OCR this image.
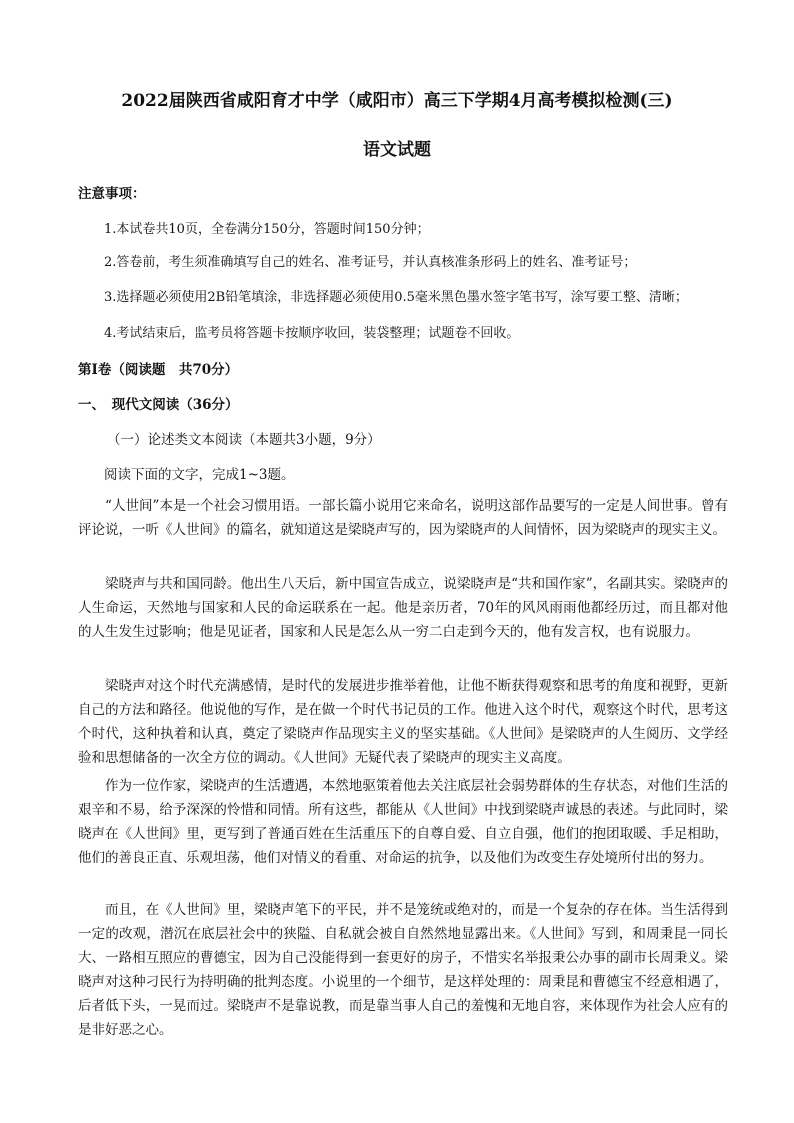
2022届陕西省咸阳育才中学（咸阳市）高三下学期4月高考模拟检测(三)
语文试题
注意事项：
1.本试卷共10页，全卷满分150分，答题时间150分钟；
2.答卷前，考生须准确填写自己的姓名、准考证号，并认真核准条形码上的姓名、准考证号；
3.选择题必须使用2B铅笔填涂，非选择题必须使用0.5毫米黑色墨水签字笔书写，涂写要工整、清晰；
4.考试结束后，监考员将答题卡按顺序收回，装袋整理；试题卷不回收。
第Ⅰ卷（阅读题　共70分）
一、　现代文阅读（36分）
（一）论述类文本阅读（本题共3小题，9分）
阅读下面的文字，完成1~3题。
“人世间”本是一个社会习惯用语。一部长篇小说用它来命名，说明这部作品要写的一定是人间世事。曾有评论说，一听《人世间》的篇名，就知道这是梁晓声写的，因为梁晓声的人间情怀，因为梁晓声的现实主义。
梁晓声与共和国同龄。他出生八天后，新中国宣告成立，说梁晓声是“共和国作家”，名副其实。梁晓声的人生命运，天然地与国家和人民的命运联系在一起。他是亲历者，70年的风风雨雨他都经历过，而且都对他的人生发生过影响；他是见证者，国家和人民是怎么从一穷二白走到今天的，他有发言权，也有说服力。
梁晓声对这个时代充满感情，是时代的发展进步推举着他，让他不断获得观察和思考的角度和视野，更新自己的方法和路径。他说他的写作，是在做一个时代书记员的工作。他进入这个时代，观察这个时代，思考这个时代，这种执着和认真，奠定了梁晓声作品现实主义的坚实基础。《人世间》是梁晓声的人生阅历、文学经验和思想储备的一次全方位的调动。《人世间》无疑代表了梁晓声的现实主义高度。
作为一位作家，梁晓声的生活遭遇，本然地驱策着他去关注底层社会弱势群体的生存状态，对他们生活的艰辛和不易，给予深深的怜惜和同情。所有这些，都能从《人世间》中找到梁晓声诚恳的表述。与此同时，梁晓声在《人世间》里，更写到了普通百姓在生活重压下的自尊自爱、自立自强，他们的抱团取暖、手足相助，他们的善良正直、乐观坦荡，他们对情义的看重、对命运的抗争，以及他们为改变生存处境所付出的努力。
而且，在《人世间》里，梁晓声笔下的平民，并不是笼统或绝对的，而是一个复杂的存在体。当生活得到一定的改观，潜沉在底层社会中的狭隘、自私就会被自自然然地显露出来。《人世间》写到，和周秉昆一同长大、一路相互照应的曹德宝，因为自己没能得到一套更好的房子，不惜实名举报秉公办事的副市长周秉义。梁晓声对这种刁民行为持明确的批判态度。小说里的一个细节，是这样处理的：周秉昆和曹德宝不经意相遇了，后者低下头，一晃而过。梁晓声不是靠说教，而是靠当事人自己的羞愧和无地自容，来体现作为社会人应有的是非好恶之心。
